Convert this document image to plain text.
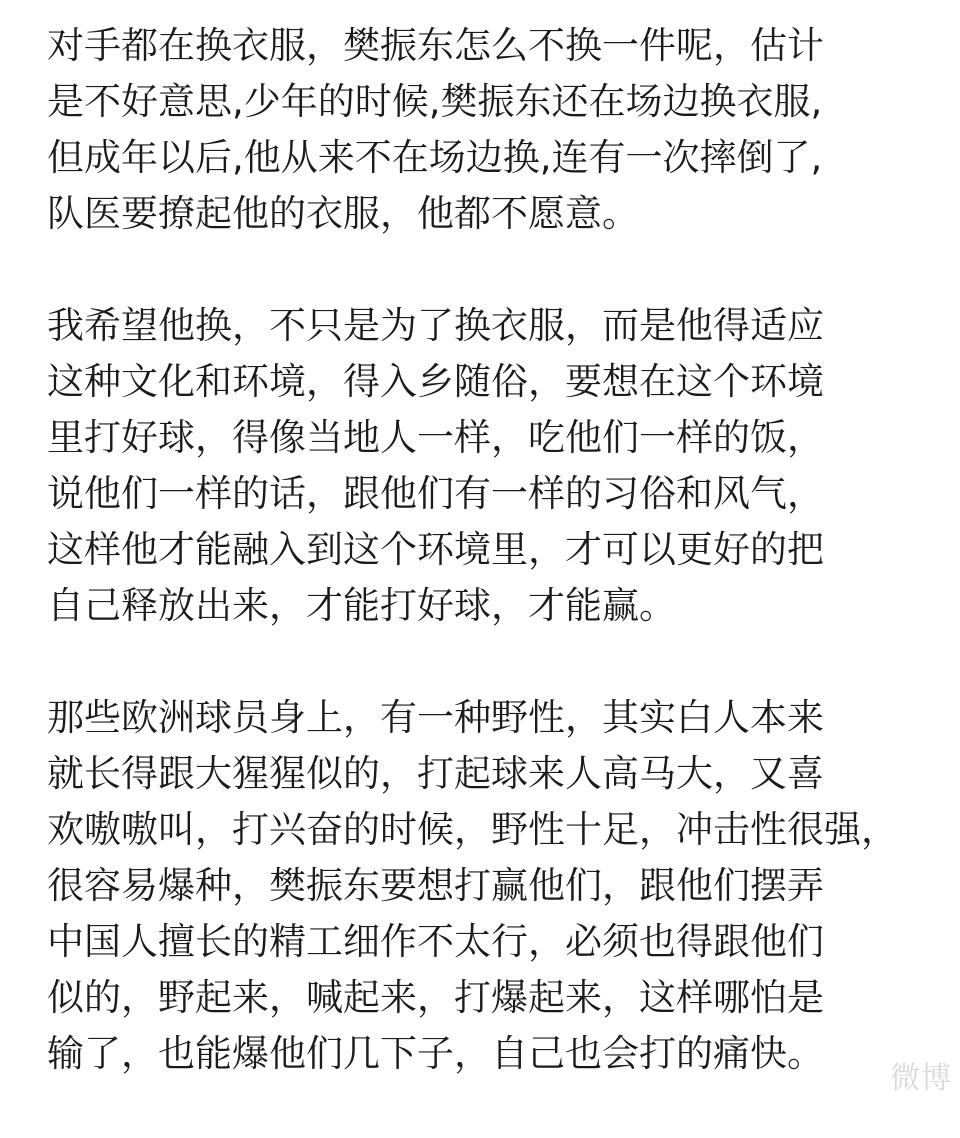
对手都在换衣服，樊振东怎么不换一件呢，估计
是不好意思,少年的时候,樊振东还在场边换衣服,
但成年以后,他从来不在场边换,连有一次摔倒了,
队医要撩起他的衣服，他都不愿意。
我希望他换，不只是为了换衣服，而是他得适应
这种文化和环境，得入乡随俗，要想在这个环境
里打好球，得像当地人一样，吃他们一样的饭，
说他们一样的话，跟他们有一样的习俗和风气，
这样他才能融入到这个环境里，才可以更好的把
自己释放出来，才能打好球，才能赢。
那些欧洲球员身上，有一种野性，其实白人本来
就长得跟大猩猩似的，打起球来人高马大，又喜
欢嗷嗷叫，打兴奋的时候，野性十足，冲击性很强，
很容易爆种，樊振东要想打赢他们，跟他们摆弄
中国人擅长的精工细作不太行，必须也得跟他们
似的，野起来，喊起来，打爆起来，这样哪怕是
输了，也能爆他们几下子，自己也会打的痛快。
微博
